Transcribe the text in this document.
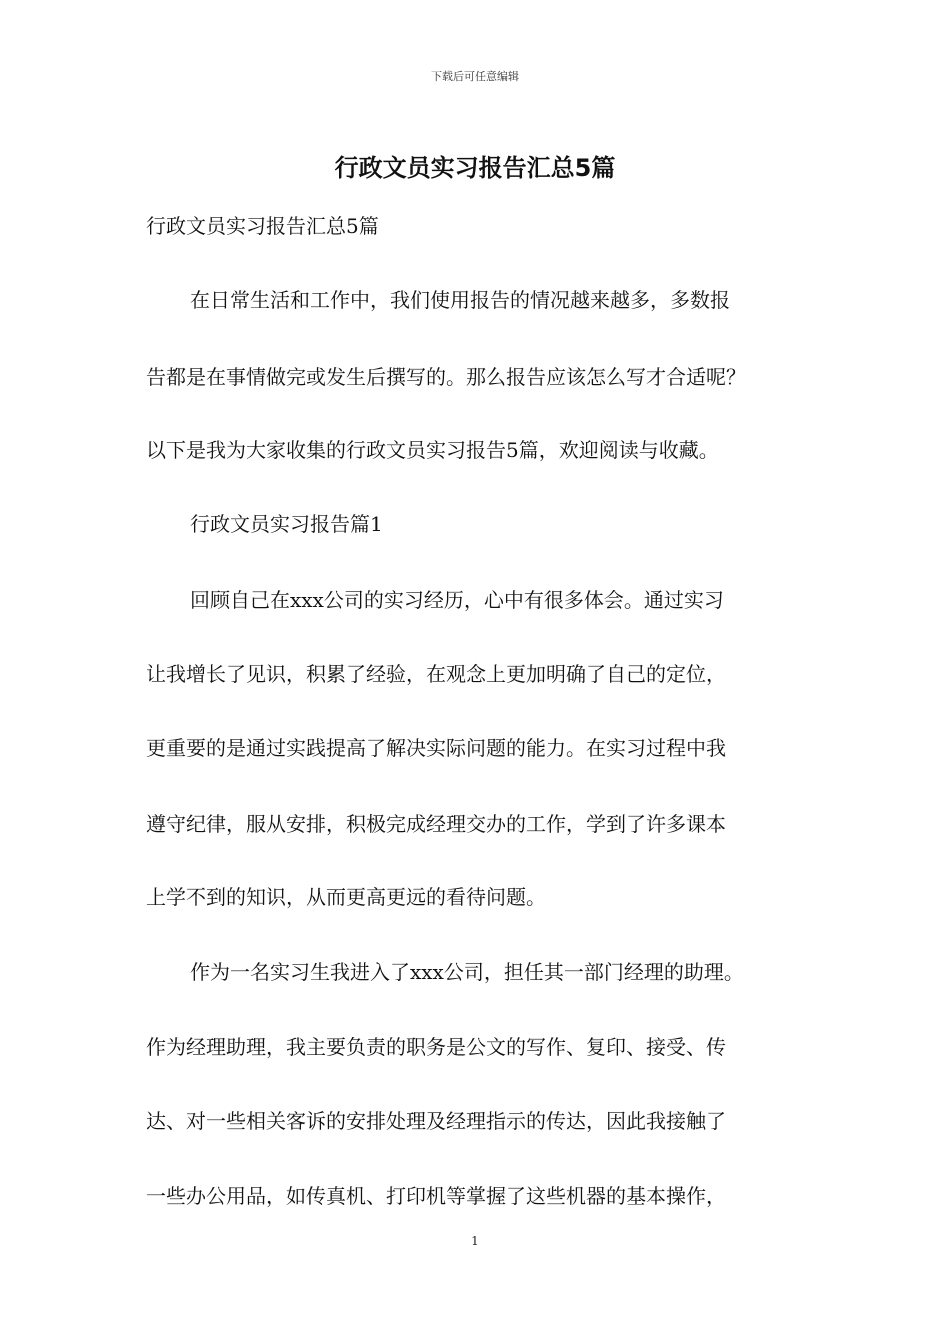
下载后可任意编辑
行政文员实习报告汇总5篇

行政文员实习报告汇总5篇

在日常生活和工作中，我们使用报告的情况越来越多，多数报

告都是在事情做完或发生后撰写的。那么报告应该怎么写才合适呢？

以下是我为大家收集的行政文员实习报告5篇，欢迎阅读与收藏。

行政文员实习报告篇1

回顾自己在xxx公司的实习经历，心中有很多体会。通过实习

让我增长了见识，积累了经验，在观念上更加明确了自己的定位，

更重要的是通过实践提高了解决实际问题的能力。在实习过程中我

遵守纪律，服从安排，积极完成经理交办的工作，学到了许多课本

上学不到的知识，从而更高更远的看待问题。

作为一名实习生我进入了xxx公司，担任其一部门经理的助理。

作为经理助理，我主要负责的职务是公文的写作、复印、接受、传

达、对一些相关客诉的安排处理及经理指示的传达，因此我接触了

一些办公用品，如传真机、打印机等掌握了这些机器的基本操作，

1
